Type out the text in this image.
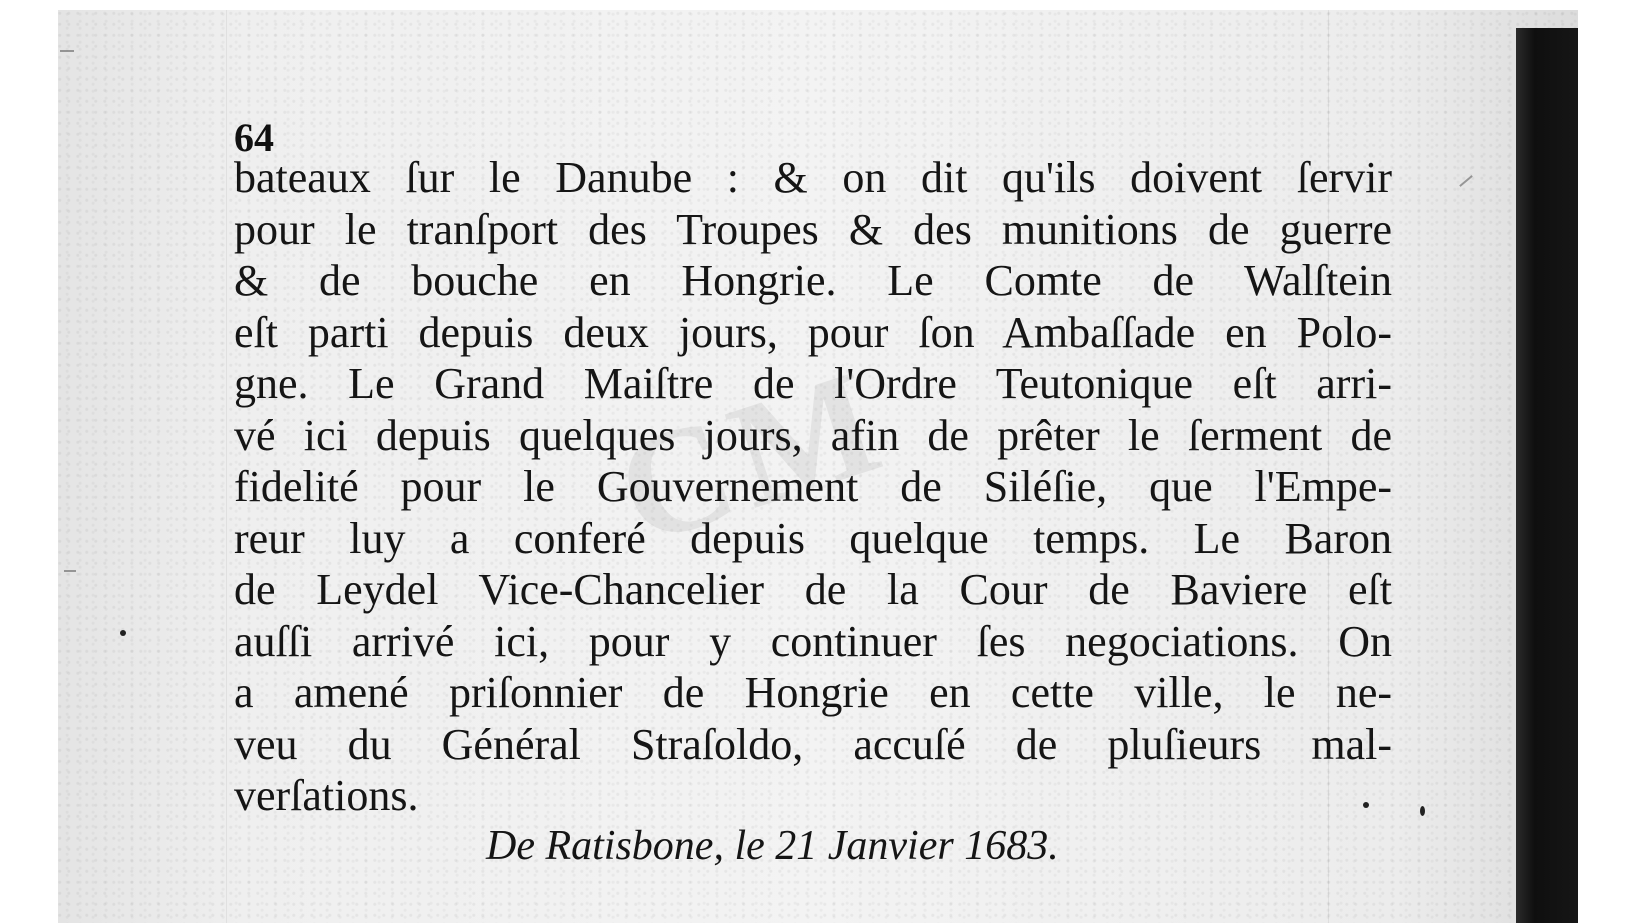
CM
64
bateaux ſur le Danube : & on dit qu'ils doivent ſervir
pour le tranſport des Troupes & des munitions de guerre
& de bouche en Hongrie. Le Comte de Walſtein
eſt parti depuis deux jours, pour ſon Ambaſſade en Polo-
gne. Le Grand Maiſtre de l'Ordre Teutonique eſt arri-
vé ici depuis quelques jours, afin de prêter le ſerment de
fidelité pour le Gouvernement de Siléſie, que l'Empe-
reur luy a conferé depuis quelque temps. Le Baron
de Leydel Vice-Chancelier de la Cour de Baviere eſt
auſſi arrivé ici, pour y continuer ſes negociations. On
a amené priſonnier de Hongrie en cette ville, le ne-
veu du Général Straſoldo, accuſé de pluſieurs mal-
verſations.
De Ratisbone, le 21 Janvier 1683.
